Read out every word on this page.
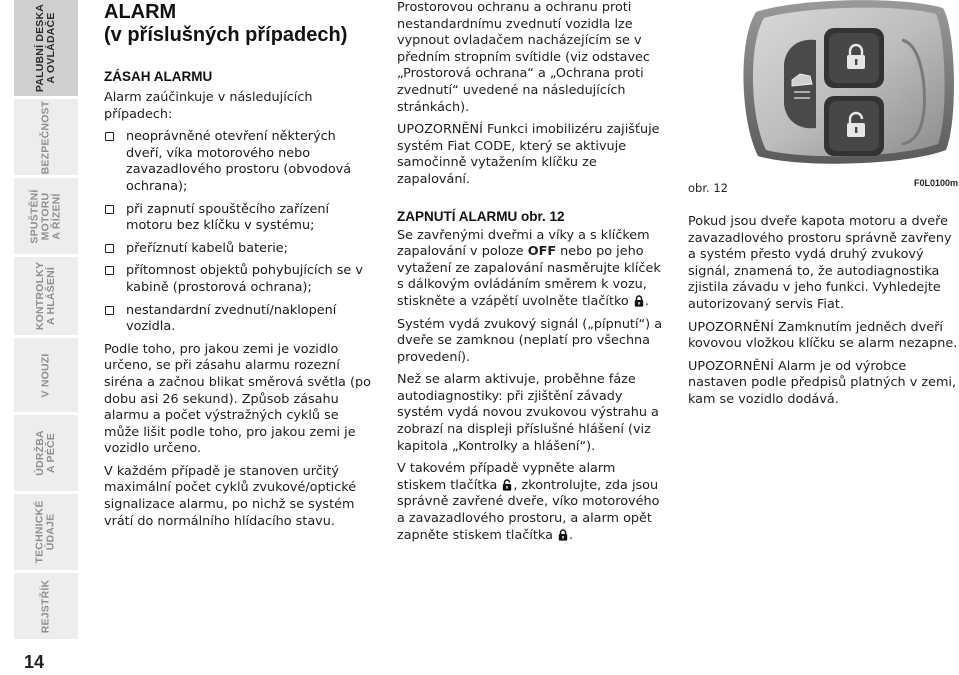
PALUBNÍ DESKA A OVLÁDAČE
BEZPEČNOST
SPUŠTĚNÍ MOTORU A ŘÍZENÍ
KONTROLKY A HLÁŠENÍ
V NOUZI
ÚDRŽBA A PÉČE
TECHNICKÉ ÚDAJE
REJSTŘÍK
14
ALARM
(v příslušných případech)
ZÁSAH ALARMU

Alarm zaúčinkuje v následujících případech:

neoprávněné otevření některých dveří, víka motorového nebo zavazadlového prostoru (obvodová ochrana);
při zapnutí spouštěcího zařízení motoru bez klíčku v systému;
přeříznutí kabelů baterie;
přítomnost objektů pohybujících se v kabině (prostorová ochrana);
nestandardní zvednutí/naklopení vozidla.

Podle toho, pro jakou zemi je vozidlo určeno, se při zásahu alarmu rozezní siréna a začnou blikat směrová světla (po dobu asi 26 sekund). Způsob zásahu alarmu a počet výstražných cyklů se může lišit podle toho, pro jakou zemi je vozidlo určeno.

V každém případě je stanoven určitý maximální počet cyklů zvukové/optické signalizace alarmu, po nichž se systém vrátí do normálního hlídacího stavu.

Prostorovou ochranu a ochranu proti nestandardnímu zvednutí vozidla lze vypnout ovladačem nacházejícím se v předním stropním svítidle (viz odstavec „Prostorová ochrana“ a „Ochrana proti zvednutí“ uvedené na následujících stránkách).

UPOZORNĚNÍ Funkci imobilizéru zajišťuje systém Fiat CODE, který se aktivuje samočinně vytažením klíčku ze zapalování.

ZAPNUTÍ ALARMU obr. 12

Se zavřenými dveřmi a víky a s klíčkem zapalování v poloze OFF nebo po jeho vytažení ze zapalování nasměrujte klíček s dálkovým ovládáním směrem k vozu, stiskněte a vzápětí uvolněte tlačítko .

Systém vydá zvukový signál („pípnutí“) a dveře se zamknou (neplatí pro všechna provedení).

Než se alarm aktivuje, proběhne fáze autodiagnostiky: při zjištění závady systém vydá novou zvukovou výstrahu a zobrazí na displeji příslušné hlášení (viz kapitola „Kontrolky a hlášení“).

V takovém případě vypněte alarm stiskem tlačítka , zkontrolujte, zda jsou správně zavřené dveře, víko motorového a zavazadlového prostoru, a alarm opět zapněte stiskem tlačítka .

obr. 12	F0L0100m

Pokud jsou dveře kapota motoru a dveře zavazadlového prostoru správně zavřeny a systém přesto vydá druhý zvukový signál, znamená to, že autodiagnostika zjistila závadu v jeho funkci. Vyhledejte autorizovaný servis Fiat.

UPOZORNĚNÍ Zamknutím jedněch dveří kovovou vložkou klíčku se alarm nezapne.

UPOZORNĚNÍ Alarm je od výrobce nastaven podle předpisů platných v zemi, kam se vozidlo dodává.
